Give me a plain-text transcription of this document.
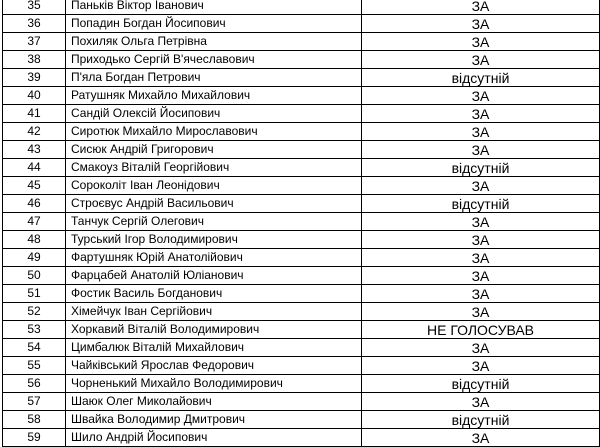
35	Паньків Віктор Іванович	ЗА
36	Попадин Богдан Йосипович	ЗА
37	Похиляк Ольга Петрівна	ЗА
38	Приходько Сергій В'ячеславович	ЗА
39	П'яла Богдан Петрович	відсутній
40	Ратушняк Михайло Михайлович	ЗА
41	Сандій Олексій Йосипович	ЗА
42	Сиротюк Михайло Мирославович	ЗА
43	Сисюк Андрій Григорович	ЗА
44	Смакоуз Віталій Георгійович	відсутній
45	Сороколіт Іван Леонідович	ЗА
46	Строєвус Андрій Васильович	відсутній
47	Танчук Сергій Олегович	ЗА
48	Турський Ігор Володимирович	ЗА
49	Фартушняк Юрій Анатолійович	ЗА
50	Фарцабей Анатолій Юліанович	ЗА
51	Фостик Василь Богданович	ЗА
52	Хімейчук Іван Сергійович	ЗА
53	Хоркавий Віталій Володимирович	НЕ ГОЛОСУВАВ
54	Цимбалюк Віталій Михайлович	ЗА
55	Чайківський Ярослав Федорович	ЗА
56	Чорненький Михайло Володимирович	відсутній
57	Шаюк Олег Миколайович	ЗА
58	Швайка Володимир Дмитрович	відсутній
59	Шило Андрій Йосипович	ЗА
